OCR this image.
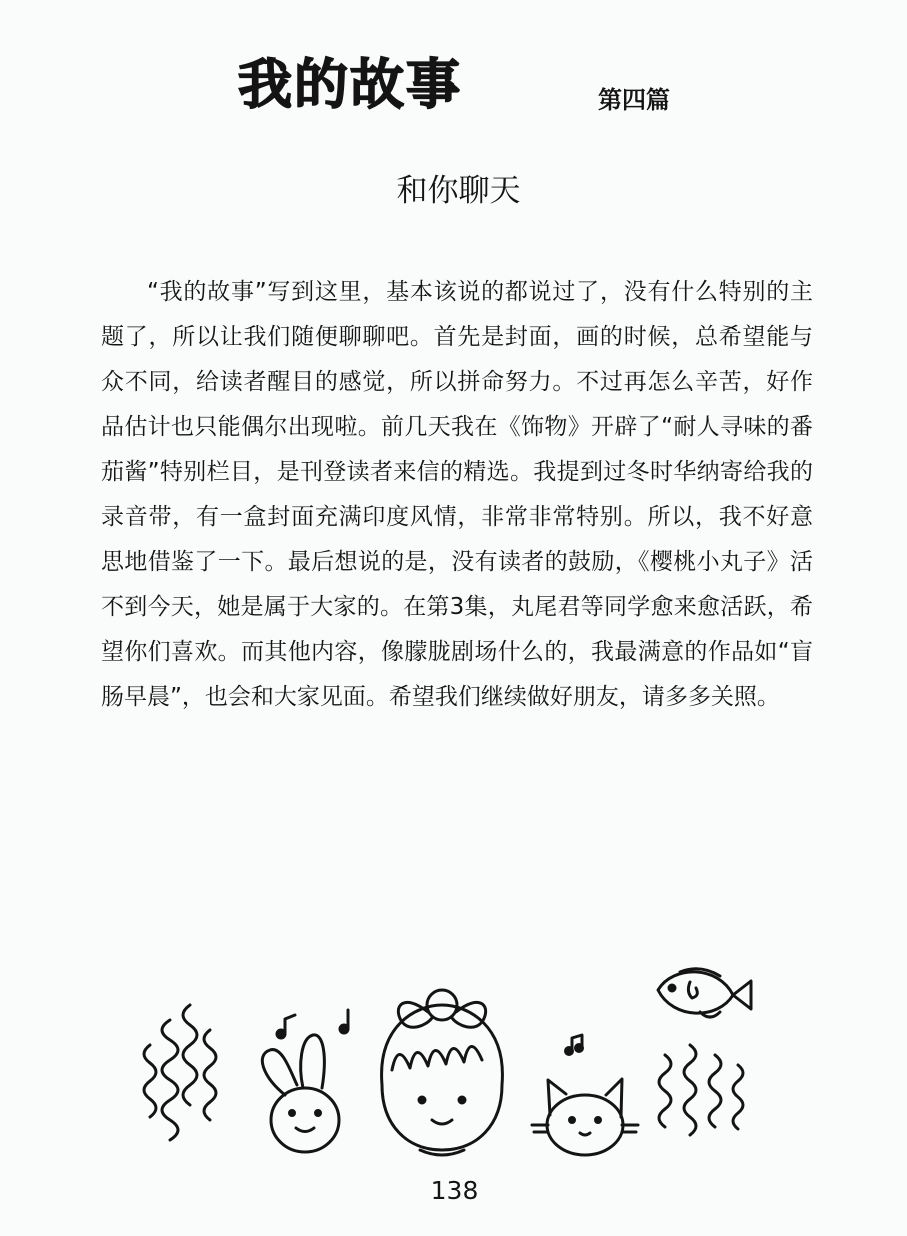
我的故事	第四篇
和你聊天

“我的故事”写到这里，基本该说的都说过了，没有什么特别的主题了，所以让我们随便聊聊吧。首先是封面，画的时候，总希望能与众不同，给读者醒目的感觉，所以拼命努力。不过再怎么辛苦，好作品估计也只能偶尔出现啦。前几天我在《饰物》开辟了“耐人寻味的番茄酱”特别栏目，是刊登读者来信的精选。我提到过冬时华纳寄给我的录音带，有一盒封面充满印度风情，非常非常特别。所以，我不好意思地借鉴了一下。最后想说的是，没有读者的鼓励，《樱桃小丸子》活不到今天，她是属于大家的。在第3集，丸尾君等同学愈来愈活跃，希望你们喜欢。而其他内容，像朦胧剧场什么的，我最满意的作品如“盲肠早晨”，也会和大家见面。希望我们继续做好朋友，请多多关照。

138
